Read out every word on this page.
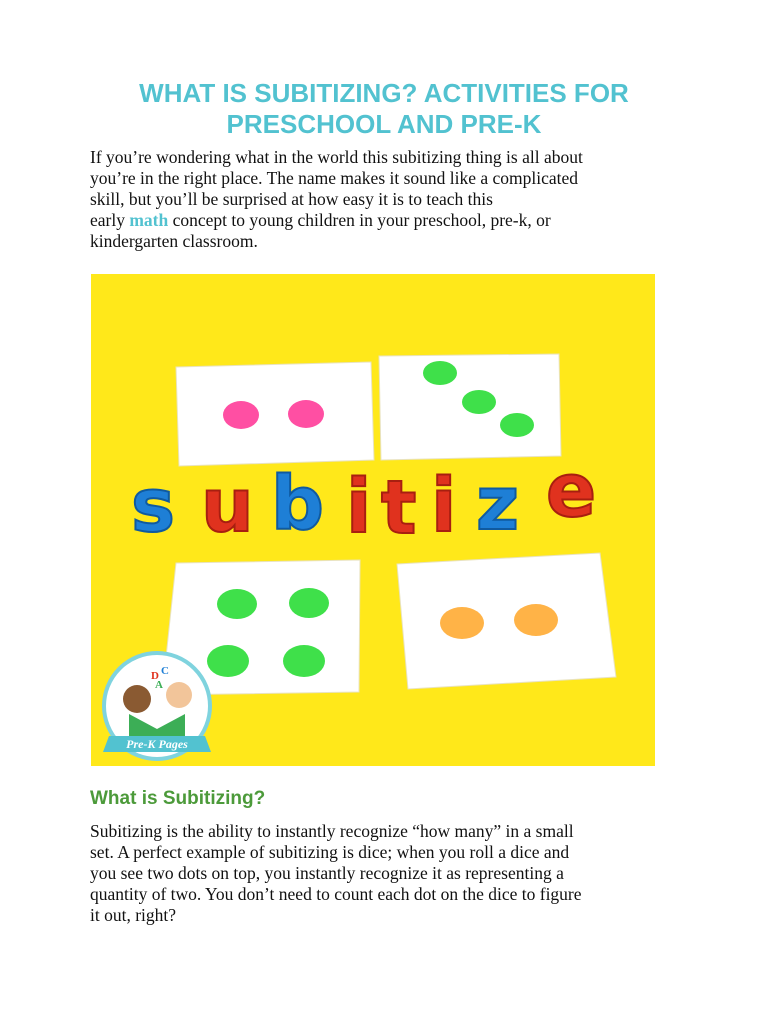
WHAT IS SUBITIZING? ACTIVITIES FOR PRESCHOOL AND PRE-K

If you’re wondering what in the world this subitizing thing is all about
you’re in the right place. The name makes it sound like a complicated
skill, but you’ll be surprised at how easy it is to teach this
early math concept to young children in your preschool, pre-k, or
kindergarten classroom.

s u b i t i z e
D C
A
Pre-K Pages
What is Subitizing?

Subitizing is the ability to instantly recognize “how many” in a small
set. A perfect example of subitizing is dice; when you roll a dice and
you see two dots on top, you instantly recognize it as representing a
quantity of two. You don’t need to count each dot on the dice to figure
it out, right?
